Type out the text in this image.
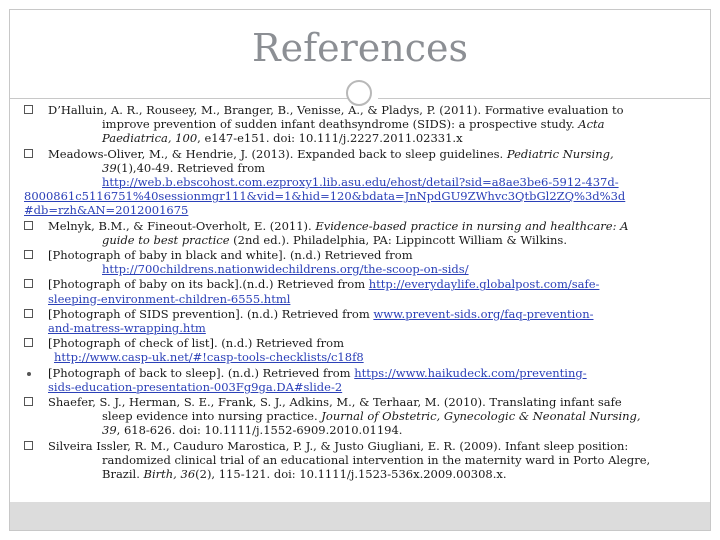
References
D’Halluin, A. R., Rouseey, M., Branger, B., Venisse, A., & Pladys, P. (2011). Formative evaluation to
improve prevention of sudden infant deathsyndrome (SIDS): a prospective study. Acta
Paediatrica, 100, e147-e151. doi: 10.111/j.2227.2011.02331.x
Meadows-Oliver, M., & Hendrie, J. (2013). Expanded back to sleep guidelines. Pediatric Nursing,
39(1),40-49. Retrieved from
http://web.b.ebscohost.com.ezproxy1.lib.asu.edu/ehost/detail?sid=a8ae3be6-5912-437d-
8000861c5116751%40sessionmgr111&vid=1&hid=120&bdata=JnNpdGU9ZWhvc3QtbGl2ZQ%3d%3d
#db=rzh&AN=2012001675
Melnyk, B.M., & Fineout-Overholt, E. (2011). Evidence-based practice in nursing and healthcare: A
guide to best practice (2nd ed.). Philadelphia, PA: Lippincott William & Wilkins.
[Photograph of baby in black and white]. (n.d.) Retrieved from
http://700childrens.nationwidechildrens.org/the-scoop-on-sids/
[Photograph of baby on its back].(n.d.) Retrieved from http://everydaylife.globalpost.com/safe-
sleeping-environment-children-6555.html
[Photograph of SIDS prevention]. (n.d.) Retrieved from www.prevent-sids.org/faq-prevention-
and-matress-wrapping.htm
[Photograph of check of list]. (n.d.) Retrieved from
http://www.casp-uk.net/#!casp-tools-checklists/c18f8
[Photograph of back to sleep]. (n.d.) Retrieved from https://www.haikudeck.com/preventing-
sids-education-presentation-003Fg9ga.DA#slide-2
Shaefer, S. J., Herman, S. E., Frank, S. J., Adkins, M., & Terhaar, M. (2010). Translating infant safe
sleep evidence into nursing practice. Journal of Obstetric, Gynecologic & Neonatal Nursing,
39, 618-626. doi: 10.1111/j.1552-6909.2010.01194.
Silveira Issler, R. M., Cauduro Marostica, P. J., & Justo Giugliani, E. R. (2009). Infant sleep position:
randomized clinical trial of an educational intervention in the maternity ward in Porto Alegre,
Brazil. Birth, 36(2), 115-121. doi: 10.1111/j.1523-536x.2009.00308.x.
